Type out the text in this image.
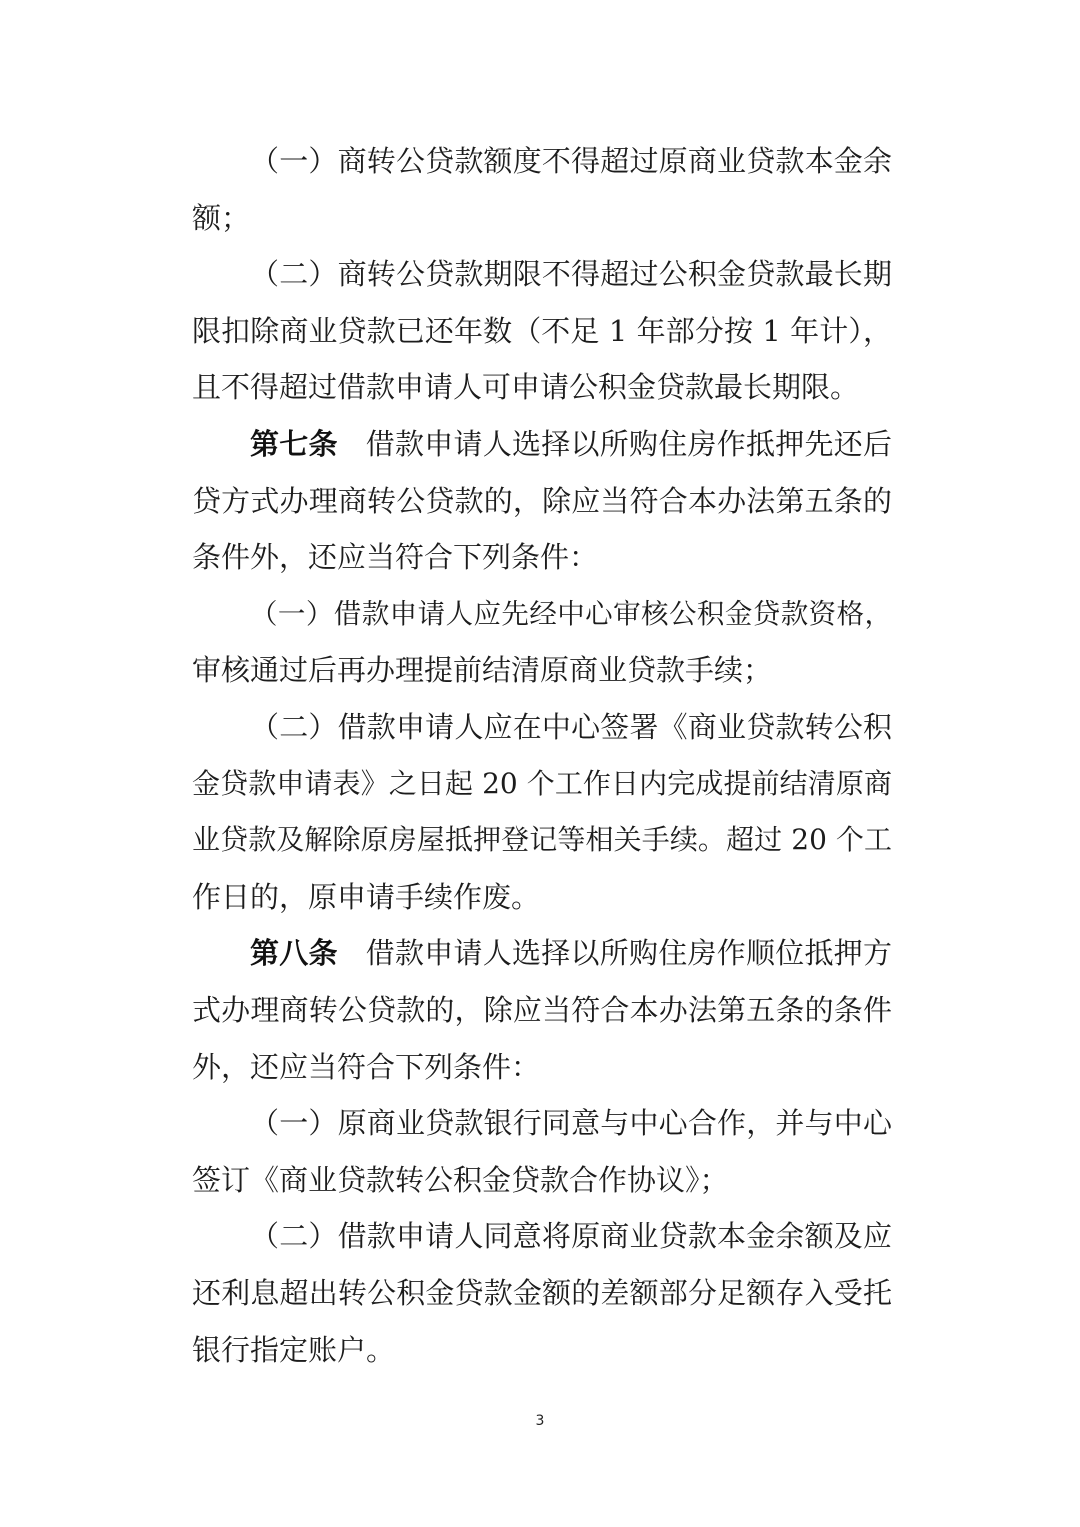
（一）商转公贷款额度不得超过原商业贷款本金余
额；
（二）商转公贷款期限不得超过公积金贷款最长期
限扣除商业贷款已还年数（不足 1 年部分按 1 年计），
且不得超过借款申请人可申请公积金贷款最长期限。
第七条 借款申请人选择以所购住房作抵押先还后
贷方式办理商转公贷款的，除应当符合本办法第五条的
条件外，还应当符合下列条件：
（一）借款申请人应先经中心审核公积金贷款资格，
审核通过后再办理提前结清原商业贷款手续；
（二）借款申请人应在中心签署《商业贷款转公积
金贷款申请表》之日起 20 个工作日内完成提前结清原商
业贷款及解除原房屋抵押登记等相关手续。超过 20 个工
作日的，原申请手续作废。
第八条 借款申请人选择以所购住房作顺位抵押方
式办理商转公贷款的，除应当符合本办法第五条的条件
外，还应当符合下列条件：
（一）原商业贷款银行同意与中心合作，并与中心
签订《商业贷款转公积金贷款合作协议》；
（二）借款申请人同意将原商业贷款本金余额及应
还利息超出转公积金贷款金额的差额部分足额存入受托
银行指定账户。
3
